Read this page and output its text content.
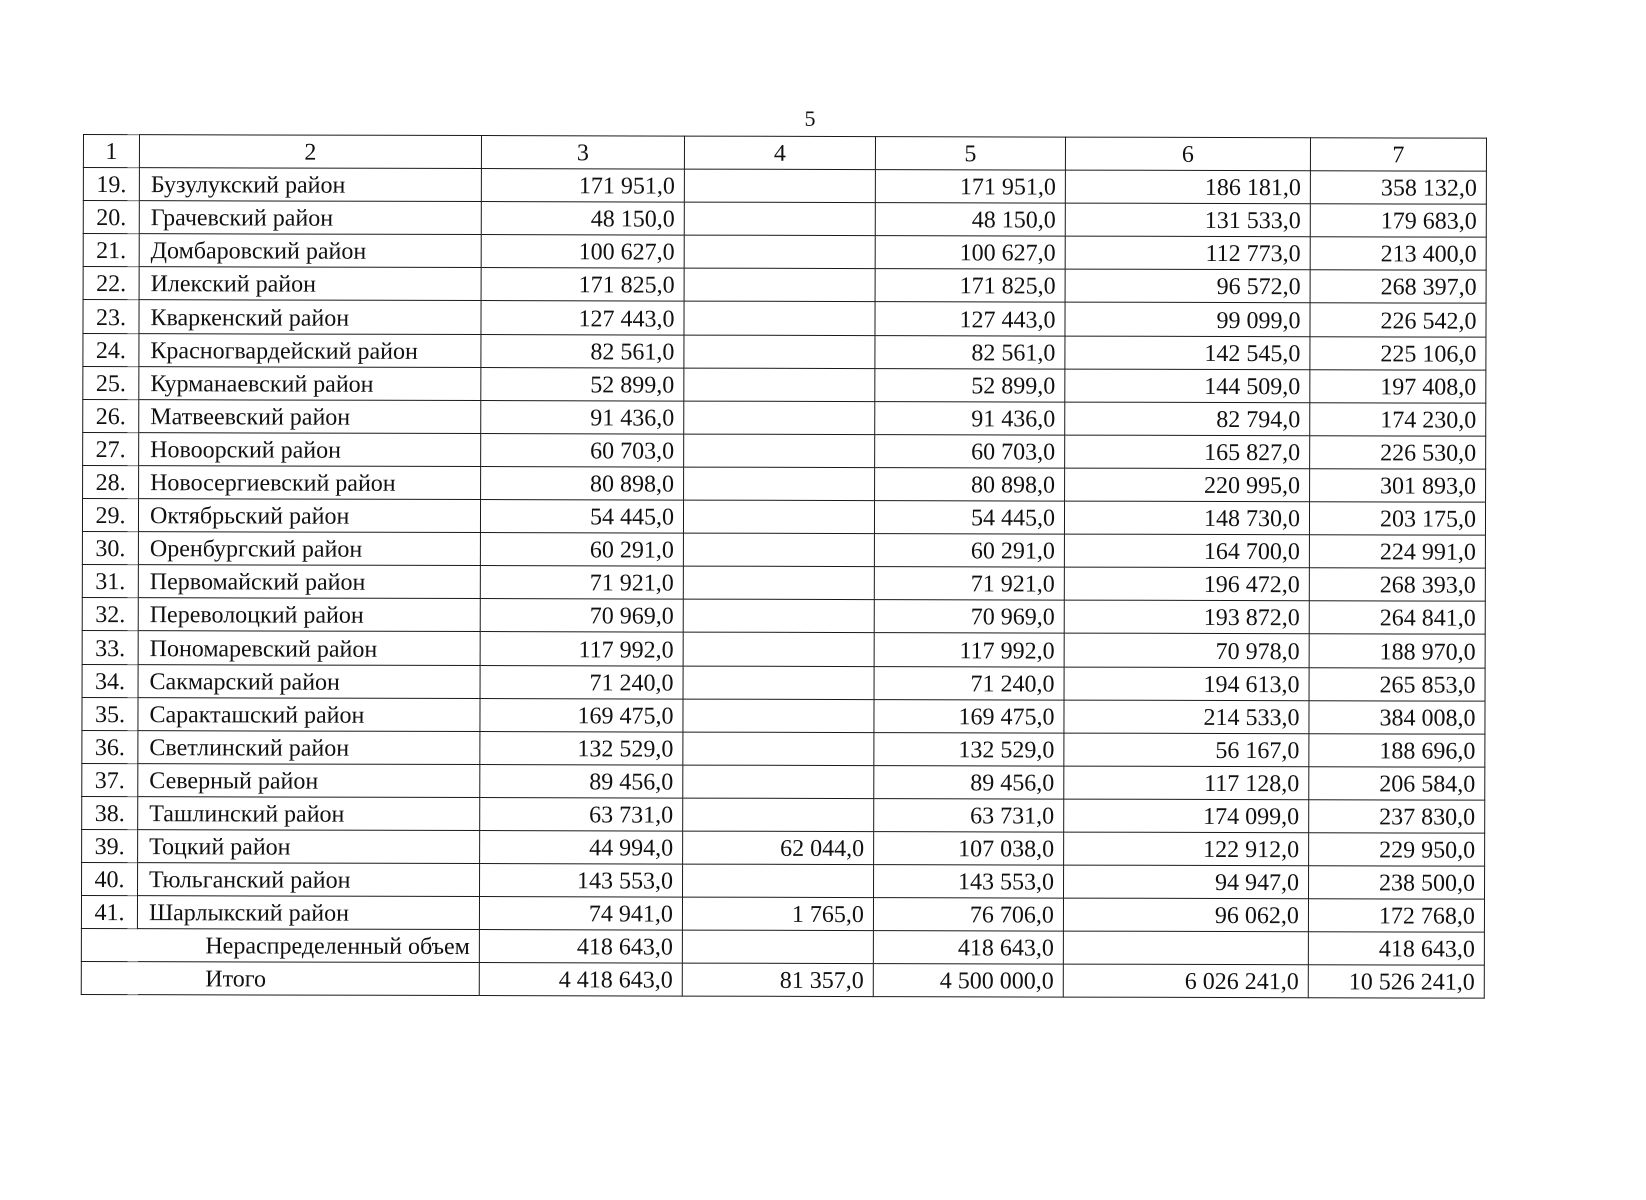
5
1	2	3	4	5	6	7
19.	Бузулукский район	171 951,0		171 951,0	186 181,0	358 132,0
20.	Грачевский район	48 150,0		48 150,0	131 533,0	179 683,0
21.	Домбаровский район	100 627,0		100 627,0	112 773,0	213 400,0
22.	Илекский район	171 825,0		171 825,0	96 572,0	268 397,0
23.	Кваркенский район	127 443,0		127 443,0	99 099,0	226 542,0
24.	Красногвардейский район	82 561,0		82 561,0	142 545,0	225 106,0
25.	Курманаевский район	52 899,0		52 899,0	144 509,0	197 408,0
26.	Матвеевский район	91 436,0		91 436,0	82 794,0	174 230,0
27.	Новоорский район	60 703,0		60 703,0	165 827,0	226 530,0
28.	Новосергиевский район	80 898,0		80 898,0	220 995,0	301 893,0
29.	Октябрьский район	54 445,0		54 445,0	148 730,0	203 175,0
30.	Оренбургский район	60 291,0		60 291,0	164 700,0	224 991,0
31.	Первомайский район	71 921,0		71 921,0	196 472,0	268 393,0
32.	Переволоцкий район	70 969,0		70 969,0	193 872,0	264 841,0
33.	Пономаревский район	117 992,0		117 992,0	70 978,0	188 970,0
34.	Сакмарский район	71 240,0		71 240,0	194 613,0	265 853,0
35.	Саракташский район	169 475,0		169 475,0	214 533,0	384 008,0
36.	Светлинский район	132 529,0		132 529,0	56 167,0	188 696,0
37.	Северный район	89 456,0		89 456,0	117 128,0	206 584,0
38.	Ташлинский район	63 731,0		63 731,0	174 099,0	237 830,0
39.	Тоцкий район	44 994,0	62 044,0	107 038,0	122 912,0	229 950,0
40.	Тюльганский район	143 553,0		143 553,0	94 947,0	238 500,0
41.	Шарлыкский район	74 941,0	1 765,0	76 706,0	96 062,0	172 768,0
	Нераспределенный объем	418 643,0		418 643,0		418 643,0
	Итого	4 418 643,0	81 357,0	4 500 000,0	6 026 241,0	10 526 241,0
